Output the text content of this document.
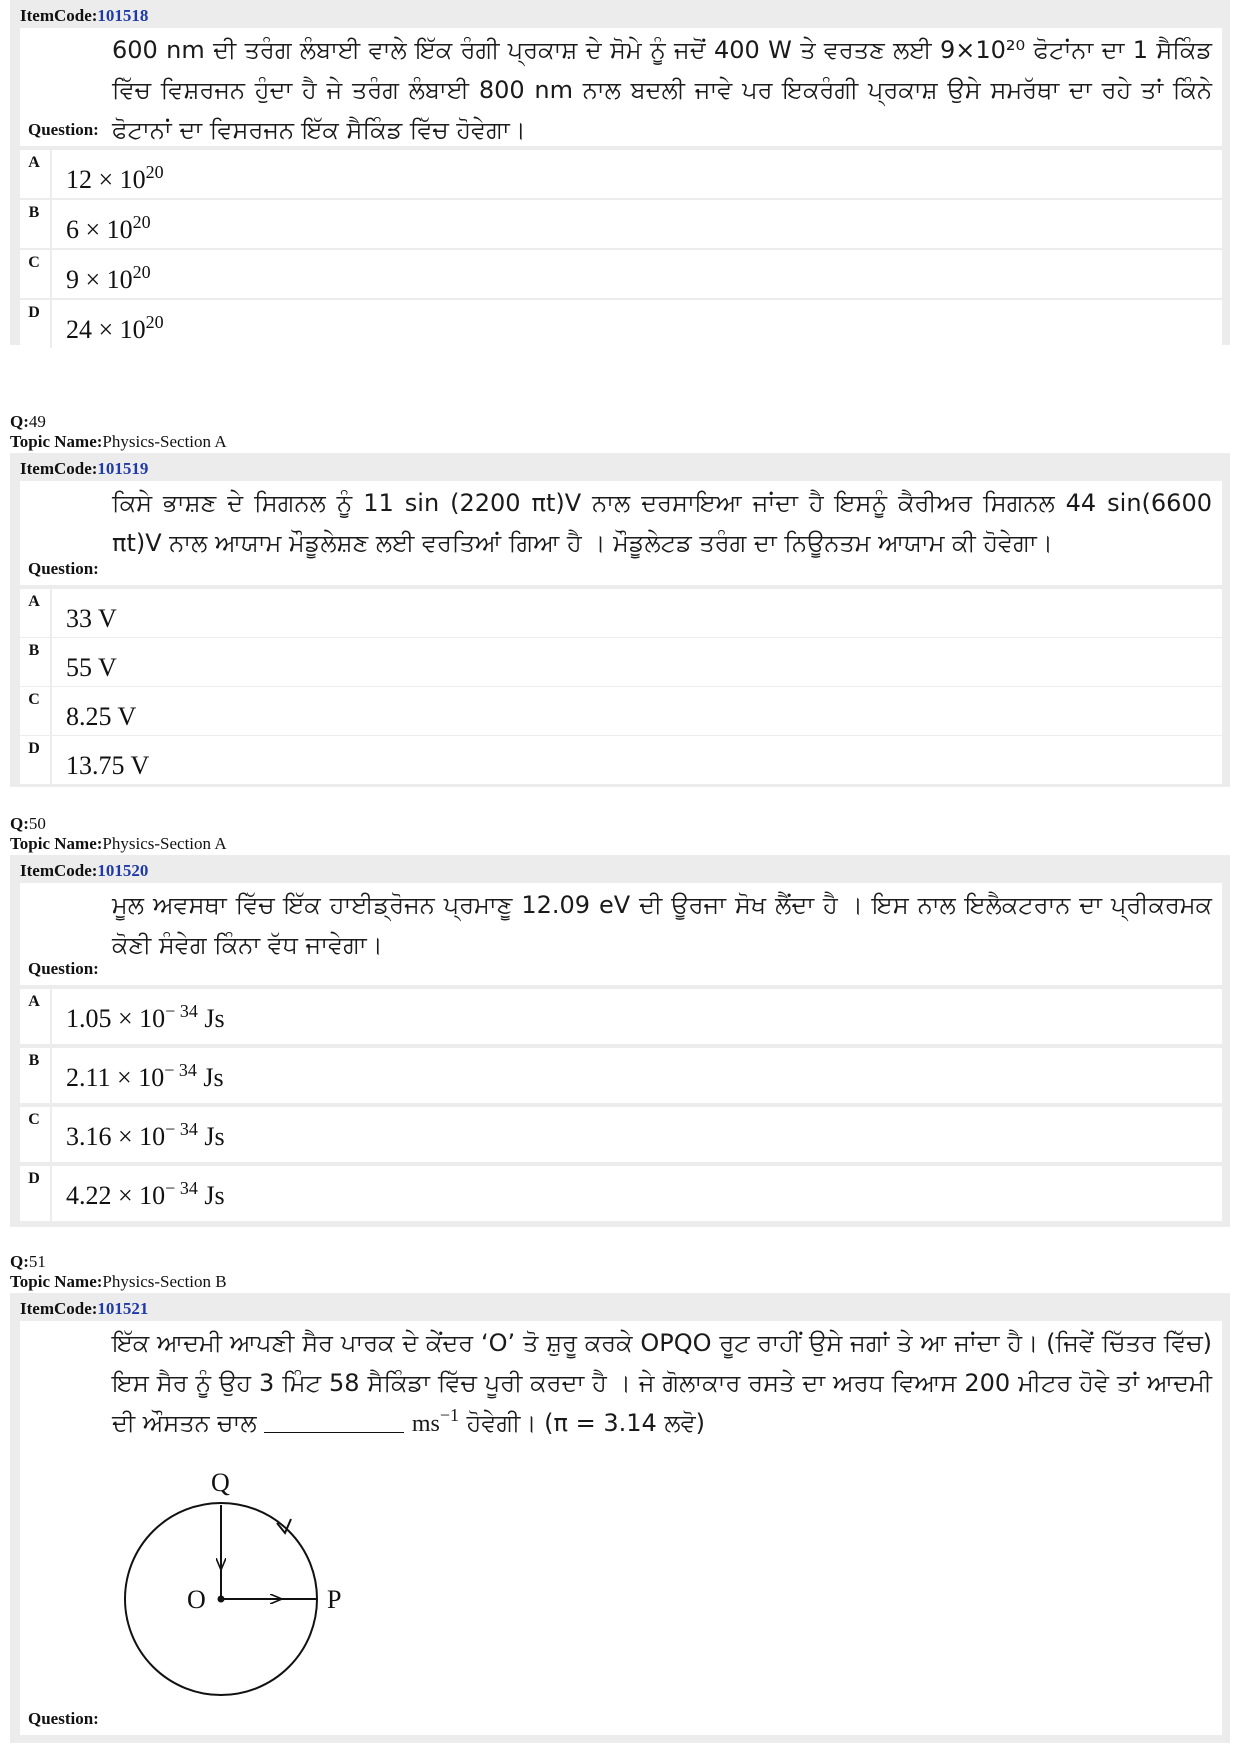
ItemCode:101518
600 nm ਦੀ ਤਰੰਗ ਲੰਬਾਈ ਵਾਲੇ ਇੱਕ ਰੰਗੀ ਪ੍ਰਕਾਸ਼ ਦੇ ਸੋਮੇ ਨੂੰ ਜਦੋਂ 400 W ਤੇ ਵਰਤਣ ਲਈ 9×10²⁰ ਫੋਟਾਂਨਾ ਦਾ 1 ਸੈਕਿੰਡ ਵਿੱਚ ਵਿਸ਼ਰਜਨ ਹੁੰਦਾ ਹੈ ਜੇ ਤਰੰਗ ਲੰਬਾਈ 800 nm ਨਾਲ ਬਦਲੀ ਜਾਵੇ ਪਰ ਇਕਰੰਗੀ ਪ੍ਰਕਾਸ਼ ਉਸੇ ਸਮਰੱਥਾ ਦਾ ਰਹੇ ਤਾਂ ਕਿੰਨੇ ਫੋਟਾਨਾਂ ਦਾ ਵਿਸਰਜਨ ਇੱਕ ਸੈਕਿੰਡ ਵਿੱਚ ਹੋਵੇਗਾ।
Question:
A
$12 \times 10^{20}$
B
$6 \times 10^{20}$
C
$9 \times 10^{20}$
D
$24 \times 10^{20}$
Q:49
Topic Name:Physics-Section A
ItemCode:101519
ਕਿਸੇ ਭਾਸ਼ਣ ਦੇ ਸਿਗਨਲ ਨੂੰ 11 sin (2200 πt)V ਨਾਲ ਦਰਸਾਇਆ ਜਾਂਦਾ ਹੈ ਇਸਨੂੰ ਕੈਰੀਅਰ ਸਿਗਨਲ 44 sin(6600 πt)V ਨਾਲ ਆਯਾਮ ਮੌਡੂਲੇਸ਼ਣ ਲਈ ਵਰਤਿਆਂ ਗਿਆ ਹੈ । ਮੌਡੂਲੇਟਡ ਤਰੰਗ ਦਾ ਨਿਊਨਤਮ ਆਯਾਮ ਕੀ ਹੋਵੇਗਾ।
Question:
A
33 V
B
55 V
C
8.25 V
D
13.75 V
Q:50
Topic Name:Physics-Section A
ItemCode:101520
ਮੂਲ ਅਵਸਥਾ ਵਿੱਚ ਇੱਕ ਹਾਈਡ੍ਰੋਜਨ ਪ੍ਰਮਾਣੂ 12.09 eV ਦੀ ਊਰਜਾ ਸੋਖ ਲੈਂਦਾ ਹੈ । ਇਸ ਨਾਲ ਇਲੈਕਟਰਾਨ ਦਾ ਪ੍ਰੀਕਰਮਕ ਕੋਣੀ ਸੰਵੇਗ ਕਿੰਨਾ ਵੱਧ ਜਾਵੇਗਾ।
Question:
A
$1.05 \times 10^{- 34}$ Js
B
$2.11 \times 10^{- 34}$ Js
C
$3.16 \times 10^{- 34}$ Js
D
$4.22 \times 10^{- 34}$ Js
Q:51
Topic Name:Physics-Section B
ItemCode:101521
ਇੱਕ ਆਦਮੀ ਆਪਣੀ ਸੈਰ ਪਾਰਕ ਦੇ ਕੇਂਦਰ ‘O’ ਤੋ ਸ਼ੁਰੂ ਕਰਕੇ OPQO ਰੂਟ ਰਾਹੀਂ ਉਸੇ ਜਗਾਂ ਤੇ ਆ ਜਾਂਦਾ ਹੈ। (ਜਿਵੇਂ ਚਿੱਤਰ ਵਿੱਚ) ਇਸ ਸੈਰ ਨੂੰ ਉਹ 3 ਮਿੰਟ 58 ਸੈਕਿੰਡਾ ਵਿੱਚ ਪੂਰੀ ਕਰਦਾ ਹੈ । ਜੇ ਗੋਲਾਕਾਰ ਰਸਤੇ ਦਾ ਅਰਧ ਵਿਆਸ 200 ਮੀਟਰ ਹੋਵੇ ਤਾਂ ਆਦਮੀ ਦੀ ਔਸਤਨ ਚਾਲ	$ms^{-1}$ ਹੋਵੇਗੀ। (π = 3.14 ਲਵੋ)
Question:
Q
O	P
